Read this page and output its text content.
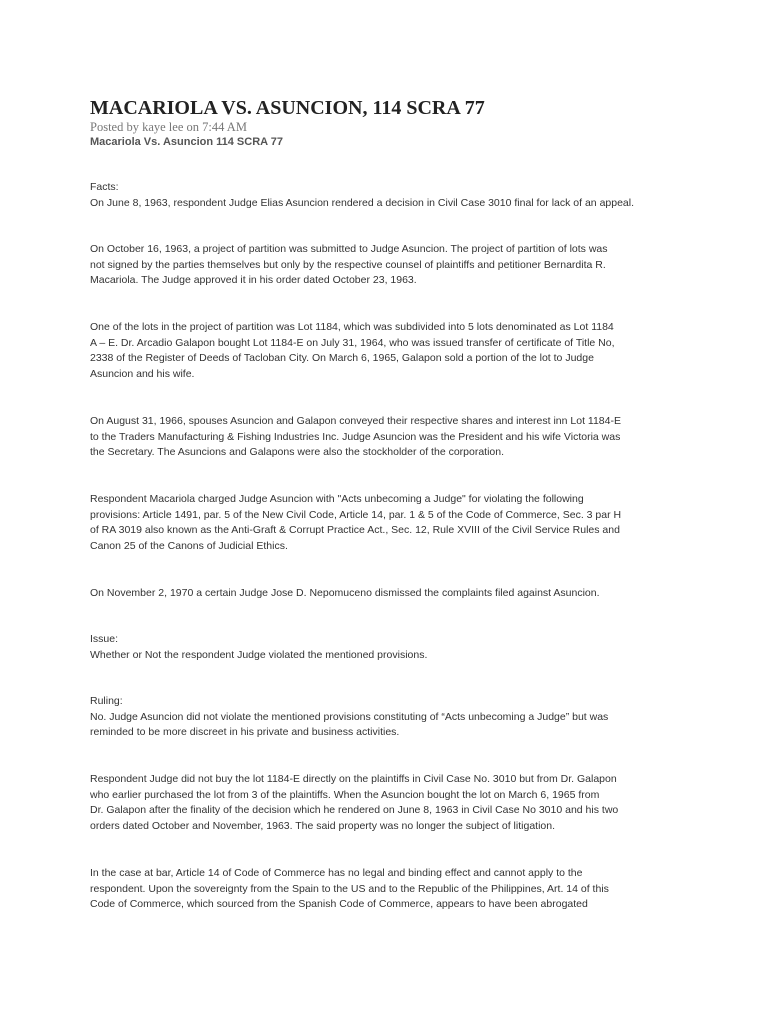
MACARIOLA VS. ASUNCION, 114 SCRA 77

Posted by kaye lee on 7:44 AM

Macariola Vs. Asuncion 114 SCRA 77

Facts:
On June 8, 1963, respondent Judge Elias Asuncion rendered a decision in Civil Case 3010 final for lack of an appeal.

On October 16, 1963, a project of partition was submitted to Judge Asuncion. The project of partition of lots was
not signed by the parties themselves but only by the respective counsel of plaintiffs and petitioner Bernardita R.
Macariola. The Judge approved it in his order dated October 23, 1963.

One of the lots in the project of partition was Lot 1184, which was subdivided into 5 lots denominated as Lot 1184
A – E. Dr. Arcadio Galapon bought Lot 1184-E on July 31, 1964, who was issued transfer of certificate of Title No,
2338 of the Register of Deeds of Tacloban City. On March 6, 1965, Galapon sold a portion of the lot to Judge
Asuncion and his wife.

On August 31, 1966, spouses Asuncion and Galapon conveyed their respective shares and interest inn Lot 1184-E
to the Traders Manufacturing & Fishing Industries Inc. Judge Asuncion was the President and his wife Victoria was
the Secretary. The Asuncions and Galapons were also the stockholder of the corporation.

Respondent Macariola charged Judge Asuncion with "Acts unbecoming a Judge" for violating the following
provisions: Article 1491, par. 5 of the New Civil Code, Article 14, par. 1 & 5 of the Code of Commerce, Sec. 3 par H
of RA 3019 also known as the Anti-Graft & Corrupt Practice Act., Sec. 12, Rule XVIII of the Civil Service Rules and
Canon 25 of the Canons of Judicial Ethics.

On November 2, 1970 a certain Judge Jose D. Nepomuceno dismissed the complaints filed against Asuncion.

Issue:
Whether or Not the respondent Judge violated the mentioned provisions.

Ruling:
No. Judge Asuncion did not violate the mentioned provisions constituting of “Acts unbecoming a Judge” but was
reminded to be more discreet in his private and business activities.

Respondent Judge did not buy the lot 1184-E directly on the plaintiffs in Civil Case No. 3010 but from Dr. Galapon
who earlier purchased the lot from 3 of the plaintiffs. When the Asuncion bought the lot on March 6, 1965 from
Dr. Galapon after the finality of the decision which he rendered on June 8, 1963 in Civil Case No 3010 and his two
orders dated October and November, 1963. The said property was no longer the subject of litigation.

In the case at bar, Article 14 of Code of Commerce has no legal and binding effect and cannot apply to the
respondent. Upon the sovereignty from the Spain to the US and to the Republic of the Philippines, Art. 14 of this
Code of Commerce, which sourced from the Spanish Code of Commerce, appears to have been abrogated
